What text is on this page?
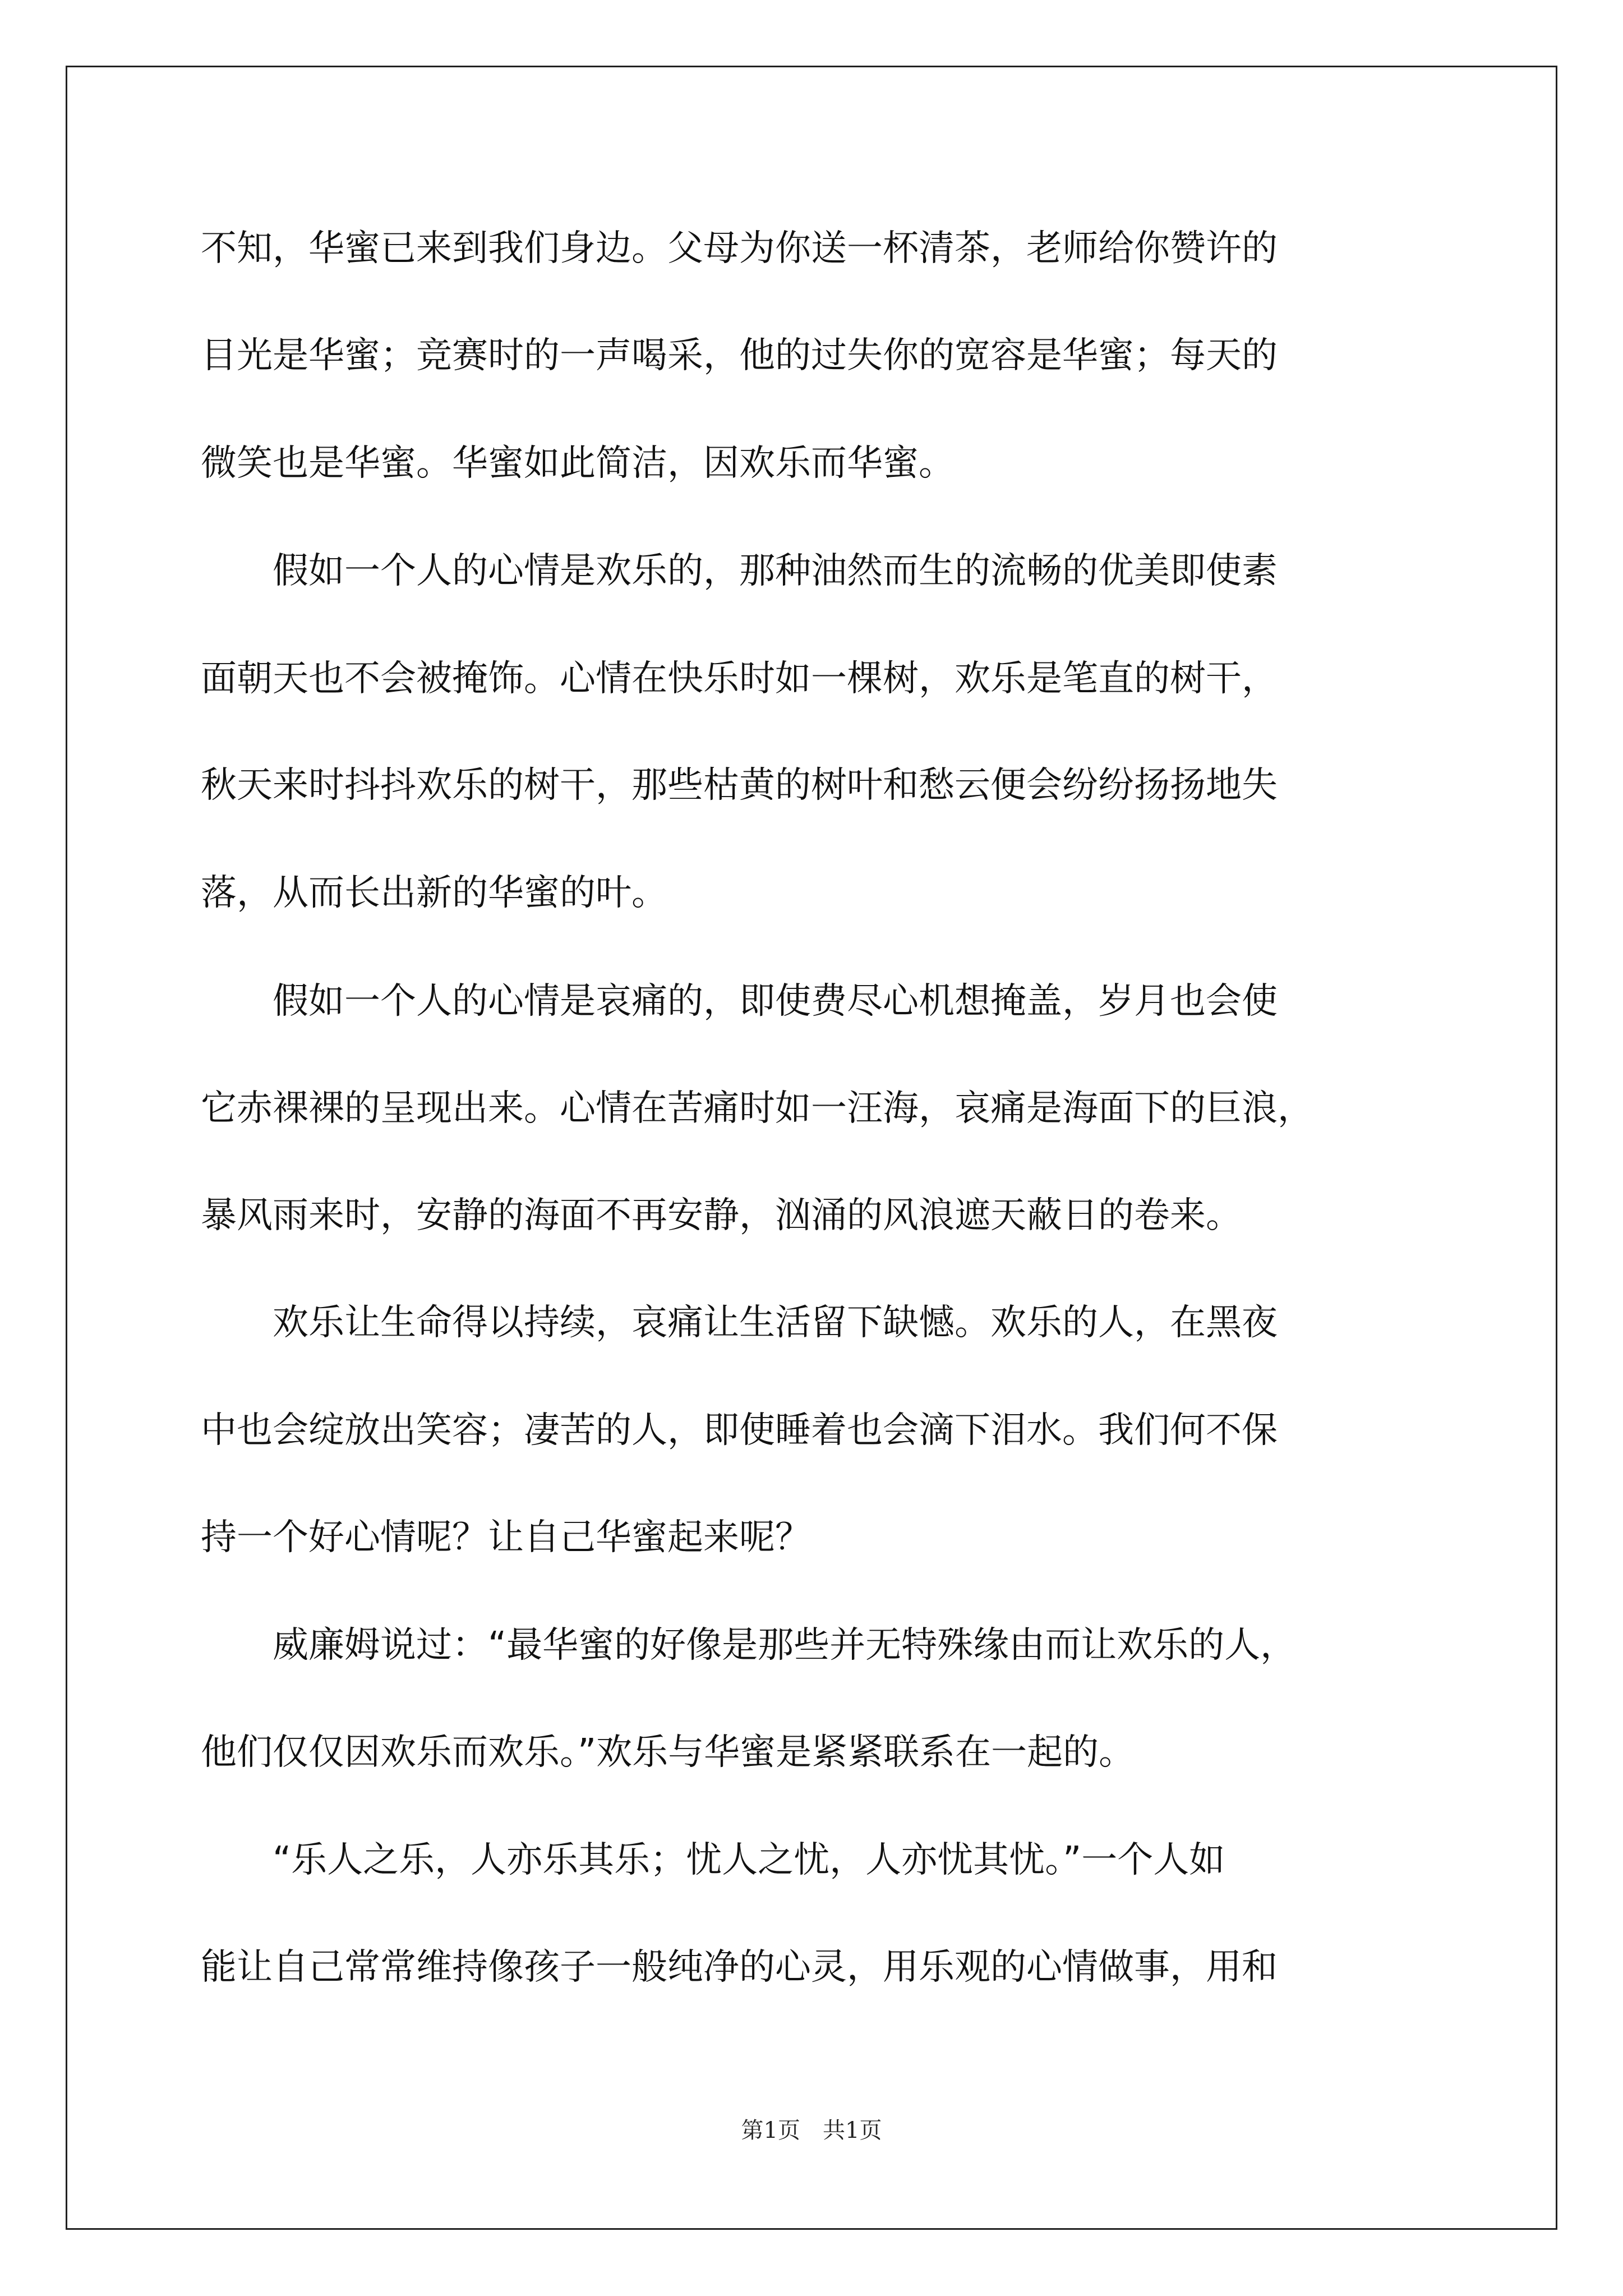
不知，华蜜已来到我们身边。父母为你送一杯清茶，老师给你赞许的
目光是华蜜；竞赛时的一声喝采，他的过失你的宽容是华蜜；每天的
微笑也是华蜜。华蜜如此简洁，因欢乐而华蜜。
　　假如一个人的心情是欢乐的，那种油然而生的流畅的优美即使素
面朝天也不会被掩饰。心情在快乐时如一棵树，欢乐是笔直的树干，
秋天来时抖抖欢乐的树干，那些枯黄的树叶和愁云便会纷纷扬扬地失
落，从而长出新的华蜜的叶。
　　假如一个人的心情是哀痛的，即使费尽心机想掩盖，岁月也会使
它赤裸裸的呈现出来。心情在苦痛时如一汪海，哀痛是海面下的巨浪，
暴风雨来时，安静的海面不再安静，汹涌的风浪遮天蔽日的卷来。
　　欢乐让生命得以持续，哀痛让生活留下缺憾。欢乐的人，在黑夜
中也会绽放出笑容；凄苦的人，即使睡着也会滴下泪水。我们何不保
持一个好心情呢？让自己华蜜起来呢？
　　威廉姆说过：“最华蜜的好像是那些并无特殊缘由而让欢乐的人，
他们仅仅因欢乐而欢乐。”欢乐与华蜜是紧紧联系在一起的。
　　“乐人之乐，人亦乐其乐；忧人之忧，人亦忧其忧。”一个人如
能让自己常常维持像孩子一般纯净的心灵，用乐观的心情做事，用和
第1页　共1页
